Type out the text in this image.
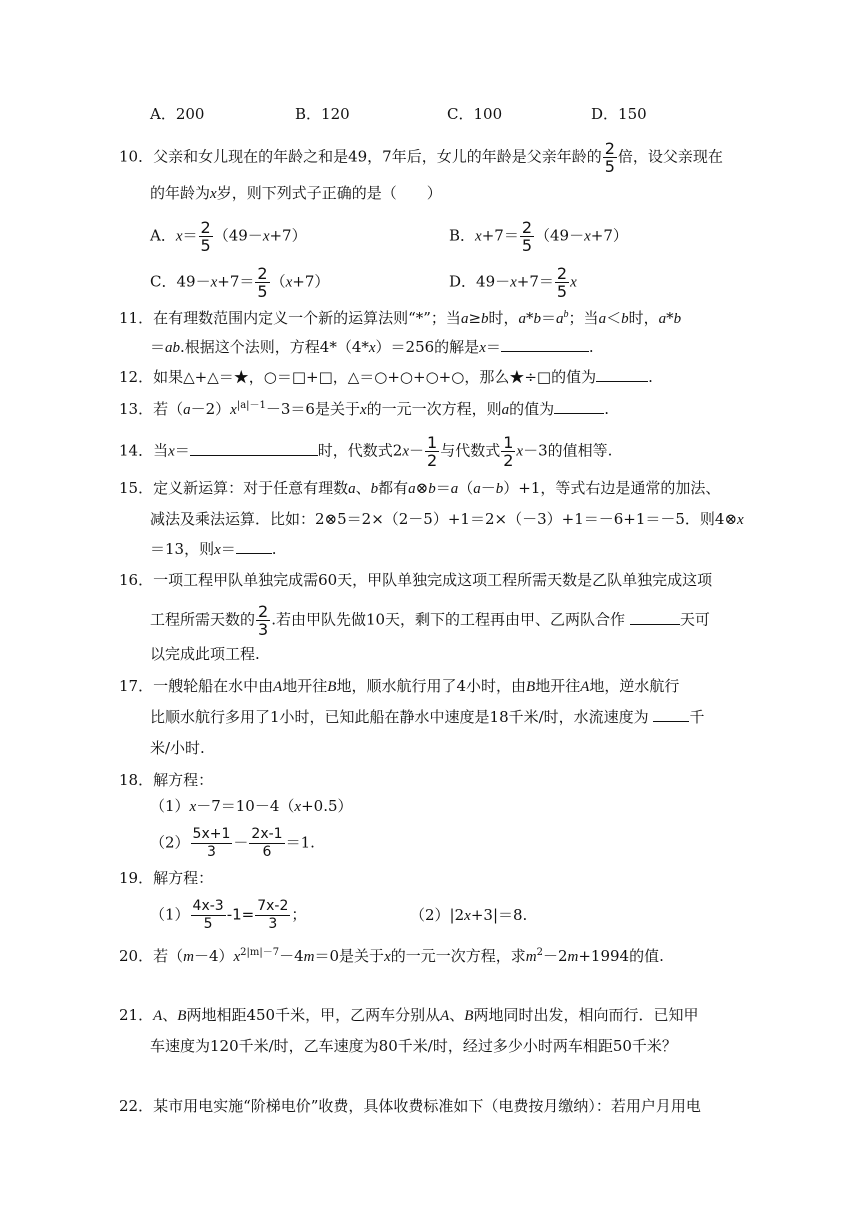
A．200	B．120	C．100	D．150
10．父亲和女儿现在的年龄之和是49，7年后，女儿的年龄是父亲年龄的 $\frac{2}{5}$ 倍，设父亲现在
的年龄为x岁，则下列式子正确的是（　　）
A．$x= \frac{2}{5} (49-x+7)$	B．$x+7= \frac{2}{5} (49-x+7)$
C．$49-x+7= \frac{2}{5} (x+7)$	D．$49-x+7= \frac{2}{5}$ x
11．在有理数范围内定义一个新的运算法则“*”；当a≥b时，$a*b=a^b$；当a＜b时，a*b
＝ab.根据这个法则，方程4*（4*x）＝256的解是x＝	.
12．如果△+△＝★，○＝□+□，△＝○+○+○+○，那么★÷□的值为	.
13．若$(a-2)x^{|a|-1}-3=6$是关于x的一元一次方程，则a的值为	.
14．当x＝	时，代数式$2x- \frac{1}{2}$ 与代数式 $\frac{1}{2} x-3$的值相等.
15．定义新运算：对于任意有理数a、b都有a⊗b＝a（a－b）+1，等式右边是通常的加法、
减法及乘法运算．比如：2⊗5＝2×（2－5）+1＝2×（－3）+1＝－6+1＝－5．则4⊗x
＝13，则x＝ .
16．一项工程甲队单独完成需60天，甲队单独完成这项工程所需天数是乙队单独完成这项
工程所需天数的 $\frac{2}{3}$ .若由甲队先做10天，剩下的工程再由甲、乙两队合作	天可
以完成此项工程.
17．一艘轮船在水中由A地开往B地，顺水航行用了4小时，由B地开往A地，逆水航行
比顺水航行多用了1小时，已知此船在静水中速度是18千米/时，水流速度为	千
米/小时.
18．解方程：
（1）x－7＝10－4（x+0.5）
$(2) \frac{5x+1}{3} - \frac{2x-1}{6} =1$.
19．解方程：
$(1) \frac{4x-3}{5} -1= \frac{7x-2}{3}$ ；	（2）|2x+3|＝8.
20．若$(m-4)x^{2|m|-7}-4m=0$是关于x的一元一次方程，求$m^2-2m+1994$的值.
21．A、B两地相距450千米，甲，乙两车分别从A、B两地同时出发，相向而行．已知甲
车速度为120千米/时，乙车速度为80千米/时，经过多少小时两车相距50千米？
22．某市用电实施“阶梯电价”收费，具体收费标准如下（电费按月缴纳）：若用户月用电
